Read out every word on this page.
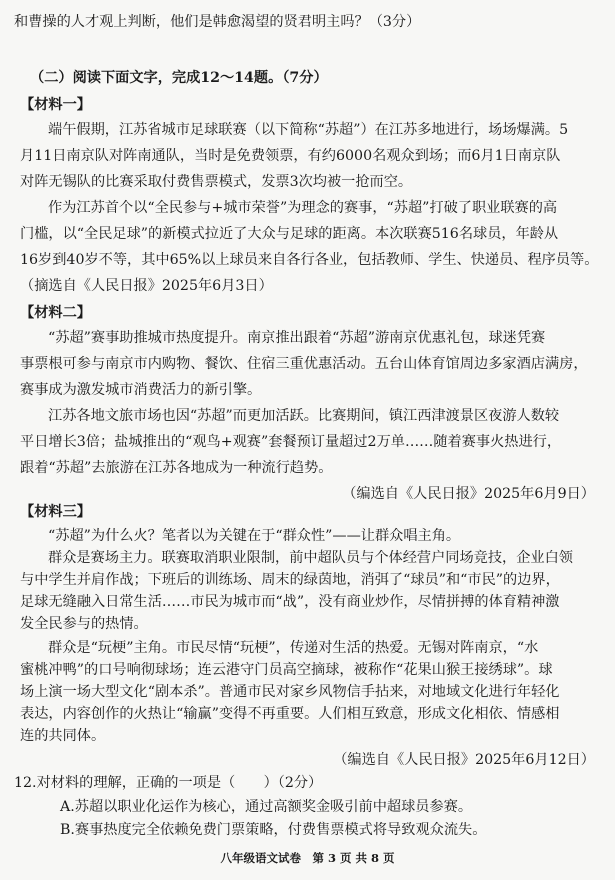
和曹操的人才观上判断，他们是韩愈渴望的贤君明主吗？（3分）
（二）阅读下面文字，完成12～14题。（7分）
【材料一】
端午假期，江苏省城市足球联赛（以下简称“苏超”）在江苏多地进行，场场爆满。5
月11日南京队对阵南通队，当时是免费领票，有约6000名观众到场；而6月1日南京队
对阵无锡队的比赛采取付费售票模式，发票3次均被一抢而空。
作为江苏首个以“全民参与+城市荣誉”为理念的赛事，“苏超”打破了职业联赛的高
门槛，以“全民足球”的新模式拉近了大众与足球的距离。本次联赛516名球员，年龄从
16岁到40岁不等，其中65%以上球员来自各行各业，包括教师、学生、快递员、程序员等。
（摘选自《人民日报》2025年6月3日）
【材料二】
“苏超”赛事助推城市热度提升。南京推出跟着“苏超”游南京优惠礼包，球迷凭赛
事票根可参与南京市内购物、餐饮、住宿三重优惠活动。五台山体育馆周边多家酒店满房，
赛事成为激发城市消费活力的新引擎。
江苏各地文旅市场也因“苏超”而更加活跃。比赛期间，镇江西津渡景区夜游人数较
平日增长3倍；盐城推出的“观鸟+观赛”套餐预订量超过2万单……随着赛事火热进行，
跟着“苏超”去旅游在江苏各地成为一种流行趋势。
（编选自《人民日报》2025年6月9日）
【材料三】
“苏超”为什么火？笔者以为关键在于“群众性”——让群众唱主角。
群众是赛场主力。联赛取消职业限制，前中超队员与个体经营户同场竞技，企业白领
与中学生并肩作战；下班后的训练场、周末的绿茵地，消弭了“球员”和“市民”的边界，
足球无缝融入日常生活……市民为城市而“战”，没有商业炒作，尽情拼搏的体育精神激
发全民参与的热情。
群众是“玩梗”主角。市民尽情“玩梗”，传递对生活的热爱。无锡对阵南京，“水
蜜桃冲鸭”的口号响彻球场；连云港守门员高空摘球，被称作“花果山猴王接绣球”。球
场上演一场大型文化“剧本杀”。普通市民对家乡风物信手拈来，对地域文化进行年轻化
表达，内容创作的火热让“输赢”变得不再重要。人们相互致意，形成文化相依、情感相
连的共同体。
八年级语文试卷　第 3 页 共 8 页
（编选自《人民日报》2025年6月12日）
12.对材料的理解，正确的一项是（　　）（2分）
A.苏超以职业化运作为核心，通过高额奖金吸引前中超球员参赛。
B.赛事热度完全依赖免费门票策略，付费售票模式将导致观众流失。
